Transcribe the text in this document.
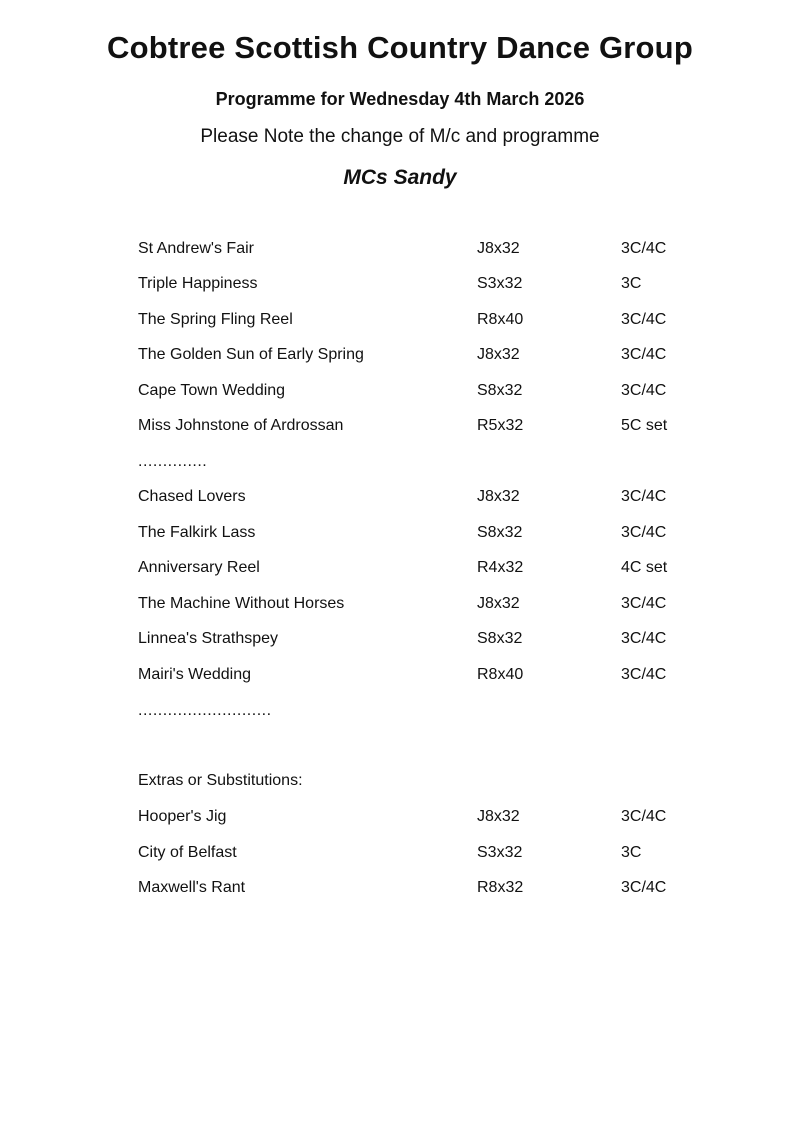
Cobtree Scottish Country Dance Group
Programme for Wednesday 4th March 2026
Please Note the change of M/c and programme
MCs Sandy
St Andrew's Fair	J8x32	3C/4C
Triple Happiness	S3x32	3C
The Spring Fling Reel	R8x40	3C/4C
The Golden Sun of Early Spring	J8x32	3C/4C
Cape Town Wedding	S8x32	3C/4C
Miss Johnstone of Ardrossan	R5x32	5C set
..............
Chased Lovers	J8x32	3C/4C
The Falkirk Lass	S8x32	3C/4C
Anniversary Reel	R4x32	4C set
The Machine Without Horses	J8x32	3C/4C
Linnea's Strathspey	S8x32	3C/4C
Mairi's Wedding	R8x40	3C/4C
...........................
Extras or Substitutions:
Hooper's Jig	J8x32	3C/4C
City of Belfast	S3x32	3C
Maxwell's Rant	R8x32	3C/4C
